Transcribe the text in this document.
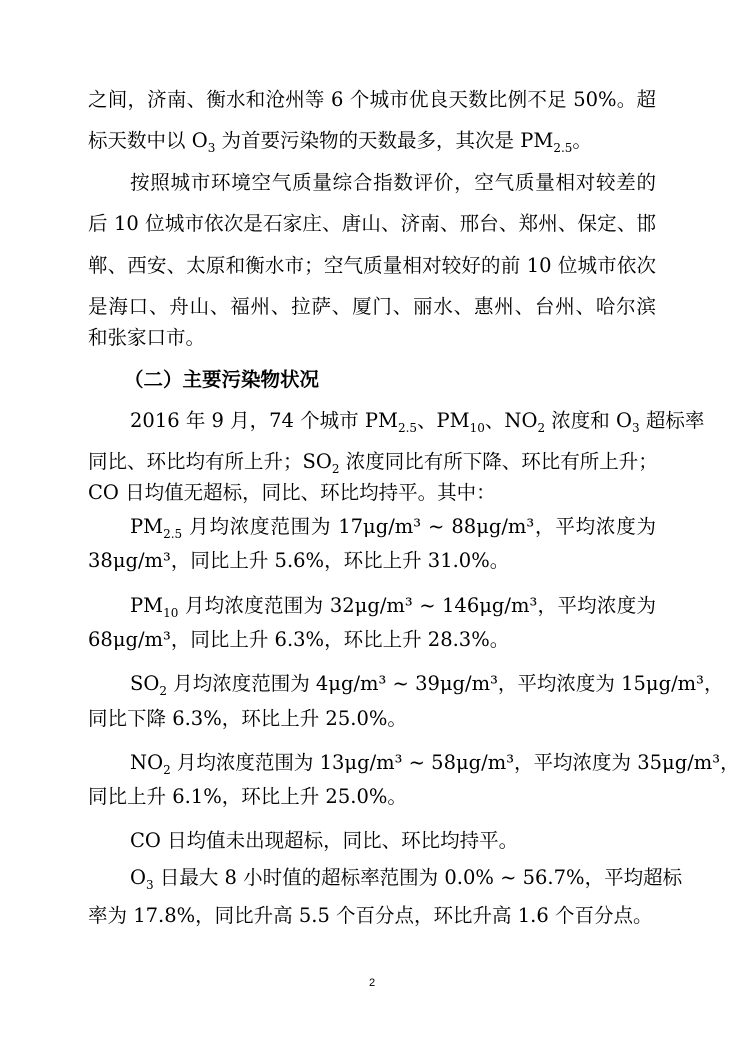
之间，济南、衡水和沧州等 6 个城市优良天数比例不足 50%。超
标天数中以 $O_3$ 为首要污染物的天数最多，其次是 $PM_{2.5}$。
按照城市环境空气质量综合指数评价，空气质量相对较差的
后 10 位城市依次是石家庄、唐山、济南、邢台、郑州、保定、邯
郸、西安、太原和衡水市；空气质量相对较好的前 10 位城市依次
是海口、舟山、福州、拉萨、厦门、丽水、惠州、台州、哈尔滨
和张家口市。
（二）主要污染物状况
2016 年 9 月，74 个城市 $PM_{2.5}$、$PM_{10}$、$NO_2$ 浓度和 $O_3$ 超标率
同比、环比均有所上升；$SO_2$ 浓度同比有所下降、环比有所上升；
CO 日均值无超标，同比、环比均持平。其中：
$PM_{2.5}$ 月均浓度范围为 17μg/m³ ~ 88μg/m³，平均浓度为
38μg/m³，同比上升 5.6%，环比上升 31.0%。
$PM_{10}$ 月均浓度范围为 32μg/m³ ~ 146μg/m³，平均浓度为
68μg/m³，同比上升 6.3%，环比上升 28.3%。
$SO_2$ 月均浓度范围为 4μg/m³ ~ 39μg/m³，平均浓度为 15μg/m³，
同比下降 6.3%，环比上升 25.0%。
$NO_2$ 月均浓度范围为 13μg/m³ ~ 58μg/m³，平均浓度为 35μg/m³，
同比上升 6.1%，环比上升 25.0%。
CO 日均值未出现超标，同比、环比均持平。
$O_3$ 日最大 8 小时值的超标率范围为 0.0% ~ 56.7%，平均超标
率为 17.8%，同比升高 5.5 个百分点，环比升高 1.6 个百分点。
2
